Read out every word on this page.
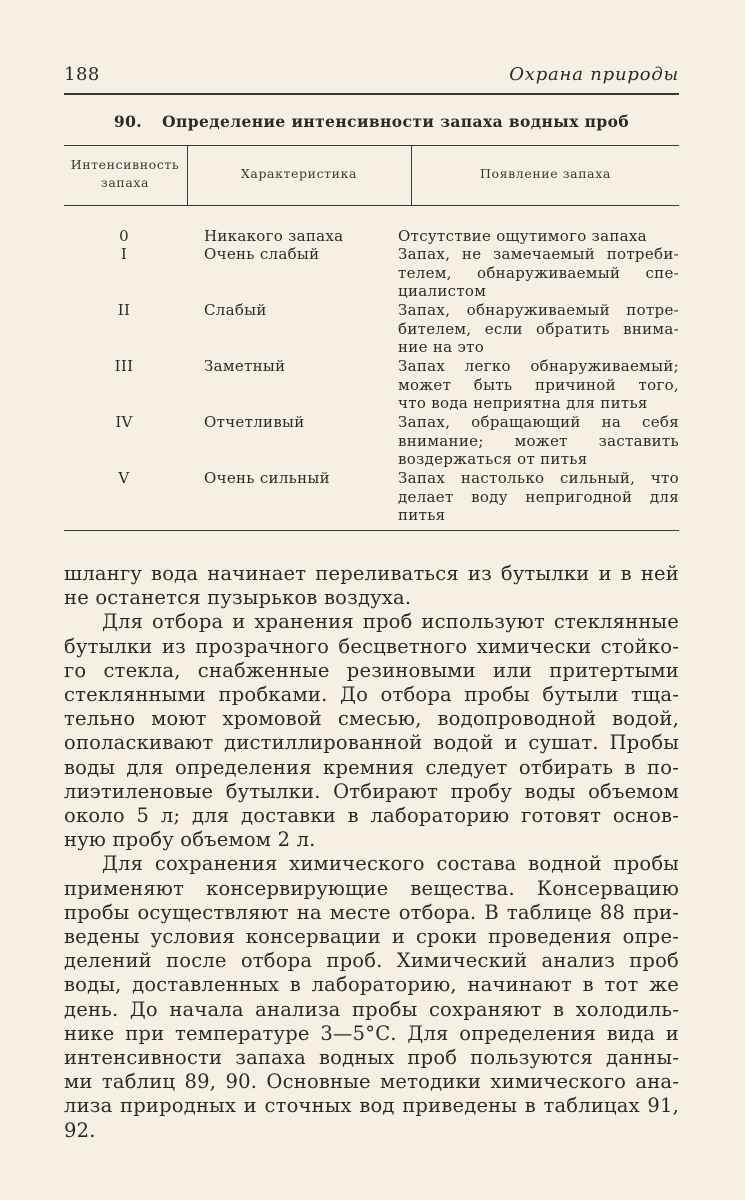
188	Охрана природы
90. Определение интенсивности запаха водных проб
Интенсивность
запаха
Характеристика	Появление запаха
0	Никакого запаха	Отсутствие ощутимого запаха
I	Очень слабый	Запах, не замечаемый потреби-
телем, обнаруживаемый спе-
циалистом
II	Слабый	Запах, обнаруживаемый потре-
бителем, если обратить внима-
ние на это
III	Заметный	Запах легко обнаруживаемый;
может быть причиной того,
что вода неприятна для питья
IV	Отчетливый	Запах, обращающий на себя
внимание; может заставить
воздержаться от питья
V	Очень сильный	Запах настолько сильный, что
делает воду непригодной для
питья
шлангу вода начинает переливаться из бутылки и в ней
не останется пузырьков воздуха.
Для отбора и хранения проб используют стеклянные
бутылки из прозрачного бесцветного химически стойко-
го стекла, снабженные резиновыми или притертыми
стеклянными пробками. До отбора пробы бутыли тща-
тельно моют хромовой смесью, водопроводной водой,
ополаскивают дистиллированной водой и сушат. Пробы
воды для определения кремния следует отбирать в по-
лиэтиленовые бутылки. Отбирают пробу воды объемом
около 5 л; для доставки в лабораторию готовят основ-
ную пробу объемом 2 л.
Для сохранения химического состава водной пробы
применяют консервирующие вещества. Консервацию
пробы осуществляют на месте отбора. В таблице 88 при-
ведены условия консервации и сроки проведения опре-
делений после отбора проб. Химический анализ проб
воды, доставленных в лабораторию, начинают в тот же
день. До начала анализа пробы сохраняют в холодиль-
нике при температуре 3—5°С. Для определения вида и
интенсивности запаха водных проб пользуются данны-
ми таблиц 89, 90. Основные методики химического ана-
лиза природных и сточных вод приведены в таблицах 91,
92.
